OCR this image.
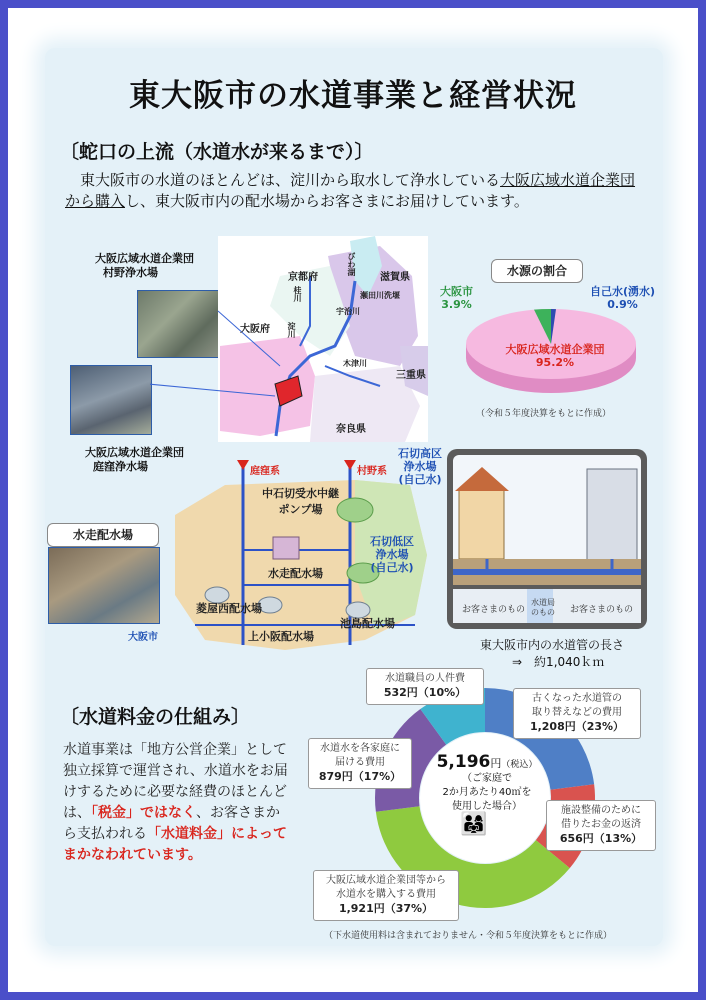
東大阪市の水道事業と経営状況
〔蛇口の上流（水道水が来るまで）〕
　東大阪市の水道のほとんどは、淀川から取水して浄水している大阪広域水道企業団から購入し、東大阪市内の配水場からお客さまにお届けしています。
大阪広域水道企業団
村野浄水場
大阪広域水道企業団
庭窪浄水場
京都府	滋賀県
大阪府
三重県
奈良県
びわ湖
瀬田川洗堰
宇治川
桂川
木津川
淀川
水源の割合
大阪市
3.9%
自己水(湧水)
0.9%
大阪広域水道企業団
95.2%
（令和５年度決算をもとに作成）
水走配水場
庭窪系	村野系
石切高区
浄水場
(自己水)
石切低区
浄水場
(自己水)
中石切受水中継
ポンプ場
水走配水場
菱屋西配水場
上小阪配水場
池島配水場
大阪市
お客さまのもの
水道局
のもの お客さまのもの
東大阪市内の水道管の長さ
⇒　約1,040ｋｍ
〔水道料金の仕組み〕
水道事業は「地方公営企業」として独立採算で運営され、水道水をお届けするために必要な経費のほとんどは、「税金」ではなく、お客さまから支払われる「水道料金」によってまかなわれています。
5,196円（税込）
（ご家庭で
2か月あたり40㎥を
使用した場合）
👨‍👩‍👧
古くなった水道管の
取り替えなどの費用
1,208円（23%）
施設整備のために
借りたお金の返済
656円（13%）
大阪広域水道企業団等から
水道水を購入する費用
1,921円（37%）
水道水を各家庭に
届ける費用
879円（17%）
水道職員の人件費
532円（10%）
（下水道使用料は含まれておりません・令和５年度決算をもとに作成）
